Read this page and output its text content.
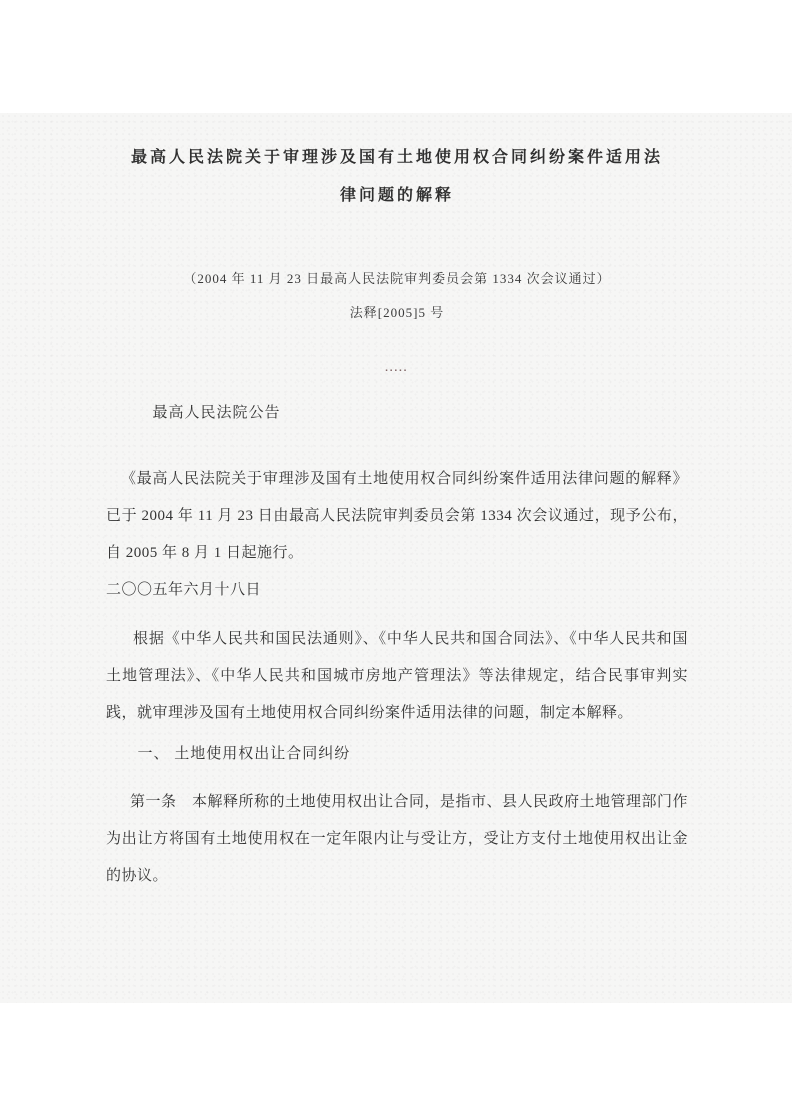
最高人民法院关于审理涉及国有土地使用权合同纠纷案件适用法
律问题的解释
（2004 年 11 月 23 日最高人民法院审判委员会第 1334 次会议通过）
法释[2005]5 号
▪▪▪▪▪
最高人民法院公告

《最高人民法院关于审理涉及国有土地使用权合同纠纷案件适用法律问题的解释》已于 2004 年 11 月 23 日由最高人民法院审判委员会第 1334 次会议通过，现予公布，自 2005 年 8 月 1 日起施行。

二〇〇五年六月十八日

根据《中华人民共和国民法通则》、《中华人民共和国合同法》、《中华人民共和国土地管理法》、《中华人民共和国城市房地产管理法》等法律规定，结合民事审判实践，就审理涉及国有土地使用权合同纠纷案件适用法律的问题，制定本解释。

一、 土地使用权出让合同纠纷

第一条　本解释所称的土地使用权出让合同，是指市、县人民政府土地管理部门作为出让方将国有土地使用权在一定年限内让与受让方，受让方支付土地使用权出让金的协议。
